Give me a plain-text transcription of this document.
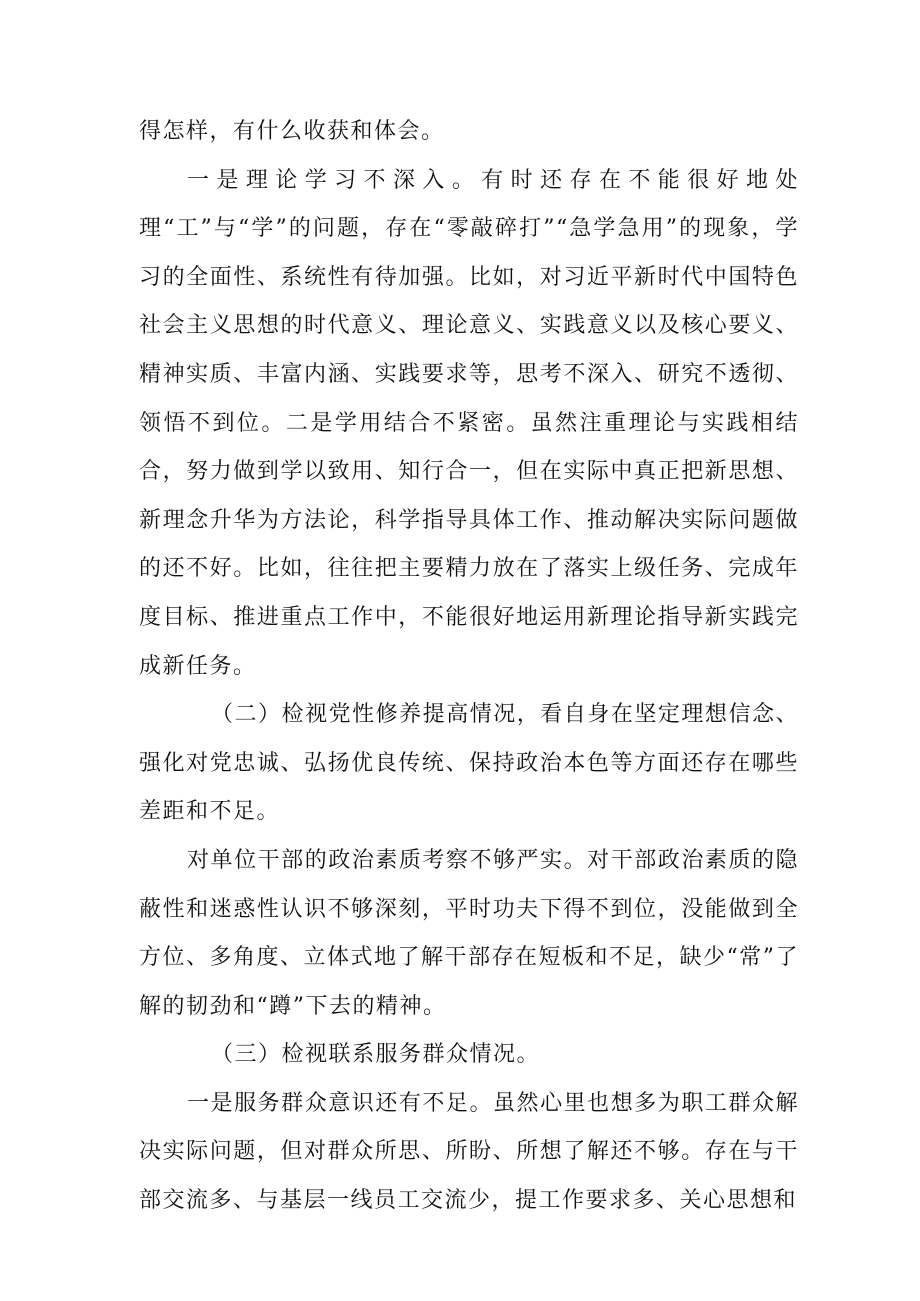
得怎样，有什么收获和体会。

一是理论学习不深入。有时还存在不能很好地处理“工”与“学”的问题，存在“零敲碎打”“急学急用”的现象，学习的全面性、系统性有待加强。比如，对习近平新时代中国特色社会主义思想的时代意义、理论意义、实践意义以及核心要义、精神实质、丰富内涵、实践要求等，思考不深入、研究不透彻、领悟不到位。二是学用结合不紧密。虽然注重理论与实践相结合，努力做到学以致用、知行合一，但在实际中真正把新思想、新理念升华为方法论，科学指导具体工作、推动解决实际问题做的还不好。比如，往往把主要精力放在了落实上级任务、完成年度目标、推进重点工作中，不能很好地运用新理论指导新实践完成新任务。

（二）检视党性修养提高情况，看自身在坚定理想信念、强化对党忠诚、弘扬优良传统、保持政治本色等方面还存在哪些差距和不足。

对单位干部的政治素质考察不够严实。对干部政治素质的隐蔽性和迷惑性认识不够深刻，平时功夫下得不到位，没能做到全方位、多角度、立体式地了解干部存在短板和不足，缺少“常”了解的韧劲和“蹲”下去的精神。

（三）检视联系服务群众情况。

一是服务群众意识还有不足。虽然心里也想多为职工群众解决实际问题，但对群众所思、所盼、所想了解还不够。存在与干部交流多、与基层一线员工交流少，提工作要求多、关心思想和
